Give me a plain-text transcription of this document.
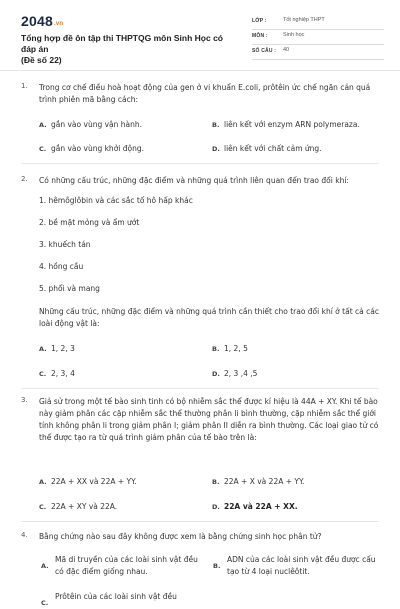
2048.vn
Tổng hợp đề ôn tập thi THPTQG môn Sinh Học có đáp án
(Đề số 22)
LỚP :	Tốt nghiệp THPT
MÔN :	Sinh học
SỐ CÂU : 40
1. Trong cơ chế điều hoà hoạt động của gen ở vi khuẩn E.coli, prôtêin ức chế ngăn cản quá trình phiên mã bằng cách:
A. gắn vào vùng vận hành.	B. liên kết với enzym ARN polymeraza.
C. gắn vào vùng khởi động.	D. liên kết với chất cảm ứng.
2. Có những cấu trúc, những đặc điểm và những quá trình liên quan đến trao đổi khí:
1. hêmôglôbin và các sắc tố hô hấp khác
2. bề mặt mỏng và ẩm ướt
3. khuếch tán
4. hồng cầu
5. phổi và mang
Những cấu trúc, những đặc điểm và những quá trình cần thiết cho trao đổi khí ở tất cả các loài động vật là:
A. 1, 2, 3	B. 1, 2, 5
C. 2, 3, 4	D. 2, 3 ,4 ,5
3. Giả sử trong một tế bào sinh tinh có bộ nhiễm sắc thể được kí hiệu là 44A + XY. Khi tế bào này giảm phân các cặp nhiễm sắc thể thường phân li bình thường, cặp nhiễm sắc thể giới tính không phân li trong giảm phân I; giảm phân II diễn ra bình thường. Các loại giao tử có thể được tạo ra từ quá trình giảm phân của tế bào trên là:
A. 22A + XX và 22A + YY.	B. 22A + X và 22A + YY.
C. 22A + XY và 22A.	D. 22A và 22A + XX.
4. Bằng chứng nào sau đây không được xem là bằng chứng sinh học phân tử?
A.
Mã di truyền của các loài sinh vật đều có đặc điểm giống nhau.
B.
ADN của các loài sinh vật đều được cấu tạo từ 4 loại nuclêôtit.
C.
Prôtêin của các loài sinh vật đều
